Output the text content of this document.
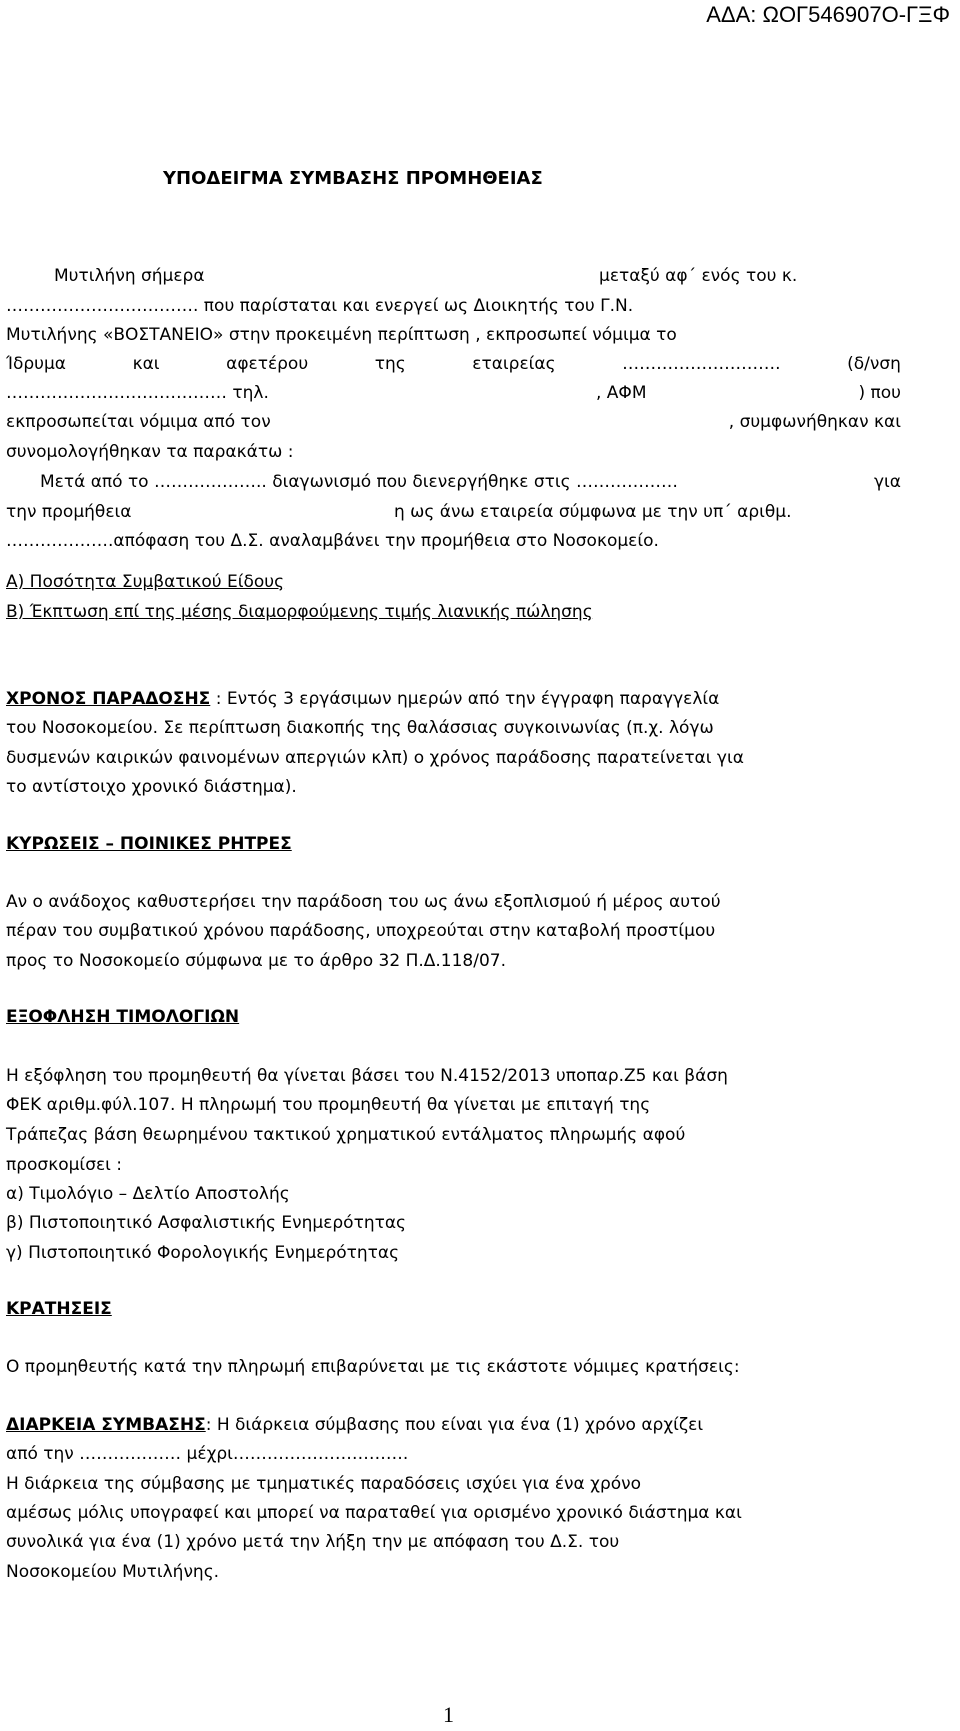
ΑΔΑ: ΩΟΓ546907Ο-ΓΞΦ
ΥΠΟΔΕΙΓΜΑ ΣΥΜΒΑΣΗΣ ΠΡΟΜΗΘΕΙΑΣ
Μυτιλήνη σήμερα	μεταξύ αφ΄ ενός του κ.
……………………………. που παρίσταται και ενεργεί ως Διοικητής του Γ.Ν.
Μυτιλήνης «ΒΟΣΤΑΝΕΙΟ» στην προκειμένη περίπτωση , εκπροσωπεί νόμιμα το
Ίδρυμα	και	αφετέρου	της	εταιρείας	……………………….	(δ/νση
………………………………… τηλ.	, ΑΦΜ	) που
εκπροσωπείται νόμιμα από τον	, συμφωνήθηκαν και
συνομολογήθηκαν τα παρακάτω :
Μετά από το ……………….. διαγωνισμό που διενεργήθηκε στις ………………	για
την προμήθεια	η ως άνω εταιρεία σύμφωνα με την υπ΄ αριθμ.
……………….απόφαση του Δ.Σ. αναλαμβάνει την προμήθεια στο Νοσοκομείο.
Α) Ποσότητα Συμβατικού Είδους
Β) Έκπτωση επί της μέσης διαμορφούμενης τιμής λιανικής πώλησης
ΧΡΟΝΟΣ ΠΑΡΑΔΟΣΗΣ : Εντός 3 εργάσιμων ημερών από την έγγραφη παραγγελία
του Νοσοκομείου. Σε περίπτωση διακοπής της θαλάσσιας συγκοινωνίας (π.χ. λόγω
δυσμενών καιρικών φαινομένων απεργιών κλπ) ο χρόνος παράδοσης παρατείνεται για
το αντίστοιχο χρονικό διάστημα).
ΚΥΡΩΣΕΙΣ – ΠΟΙΝΙΚΕΣ ΡΗΤΡΕΣ
Αν ο ανάδοχος καθυστερήσει την παράδοση του ως άνω εξοπλισμού ή μέρος αυτού
πέραν του συμβατικού χρόνου παράδοσης, υποχρεούται στην καταβολή προστίμου
προς το Νοσοκομείο σύμφωνα με το άρθρο 32 Π.Δ.118/07.
ΕΞΟΦΛΗΣΗ ΤΙΜΟΛΟΓΙΩΝ
Η εξόφληση του προμηθευτή θα γίνεται βάσει του Ν.4152/2013 υποπαρ.Ζ5 και βάση
ΦΕΚ αριθμ.φύλ.107. Η πληρωμή του προμηθευτή θα γίνεται με επιταγή της
Τράπεζας βάση θεωρημένου τακτικού χρηματικού εντάλματος πληρωμής αφού
προσκομίσει :
α) Τιμολόγιο – Δελτίο Αποστολής
β) Πιστοποιητικό Ασφαλιστικής Ενημερότητας
γ) Πιστοποιητικό Φορολογικής Ενημερότητας
ΚΡΑΤΗΣΕΙΣ
Ο προμηθευτής κατά την πληρωμή επιβαρύνεται με τις εκάστοτε νόμιμες κρατήσεις:
ΔΙΑΡΚΕΙΑ ΣΥΜΒΑΣΗΣ: Η διάρκεια σύμβασης που είναι για ένα (1) χρόνο αρχίζει
από την ……………… μέχρι………………………….
Η διάρκεια της σύμβασης με τμηματικές παραδόσεις ισχύει για ένα χρόνο
αμέσως μόλις υπογραφεί και μπορεί να παραταθεί για ορισμένο χρονικό διάστημα και
συνολικά για ένα (1) χρόνο μετά την λήξη την με απόφαση του Δ.Σ. του
Νοσοκομείου Μυτιλήνης.
1
